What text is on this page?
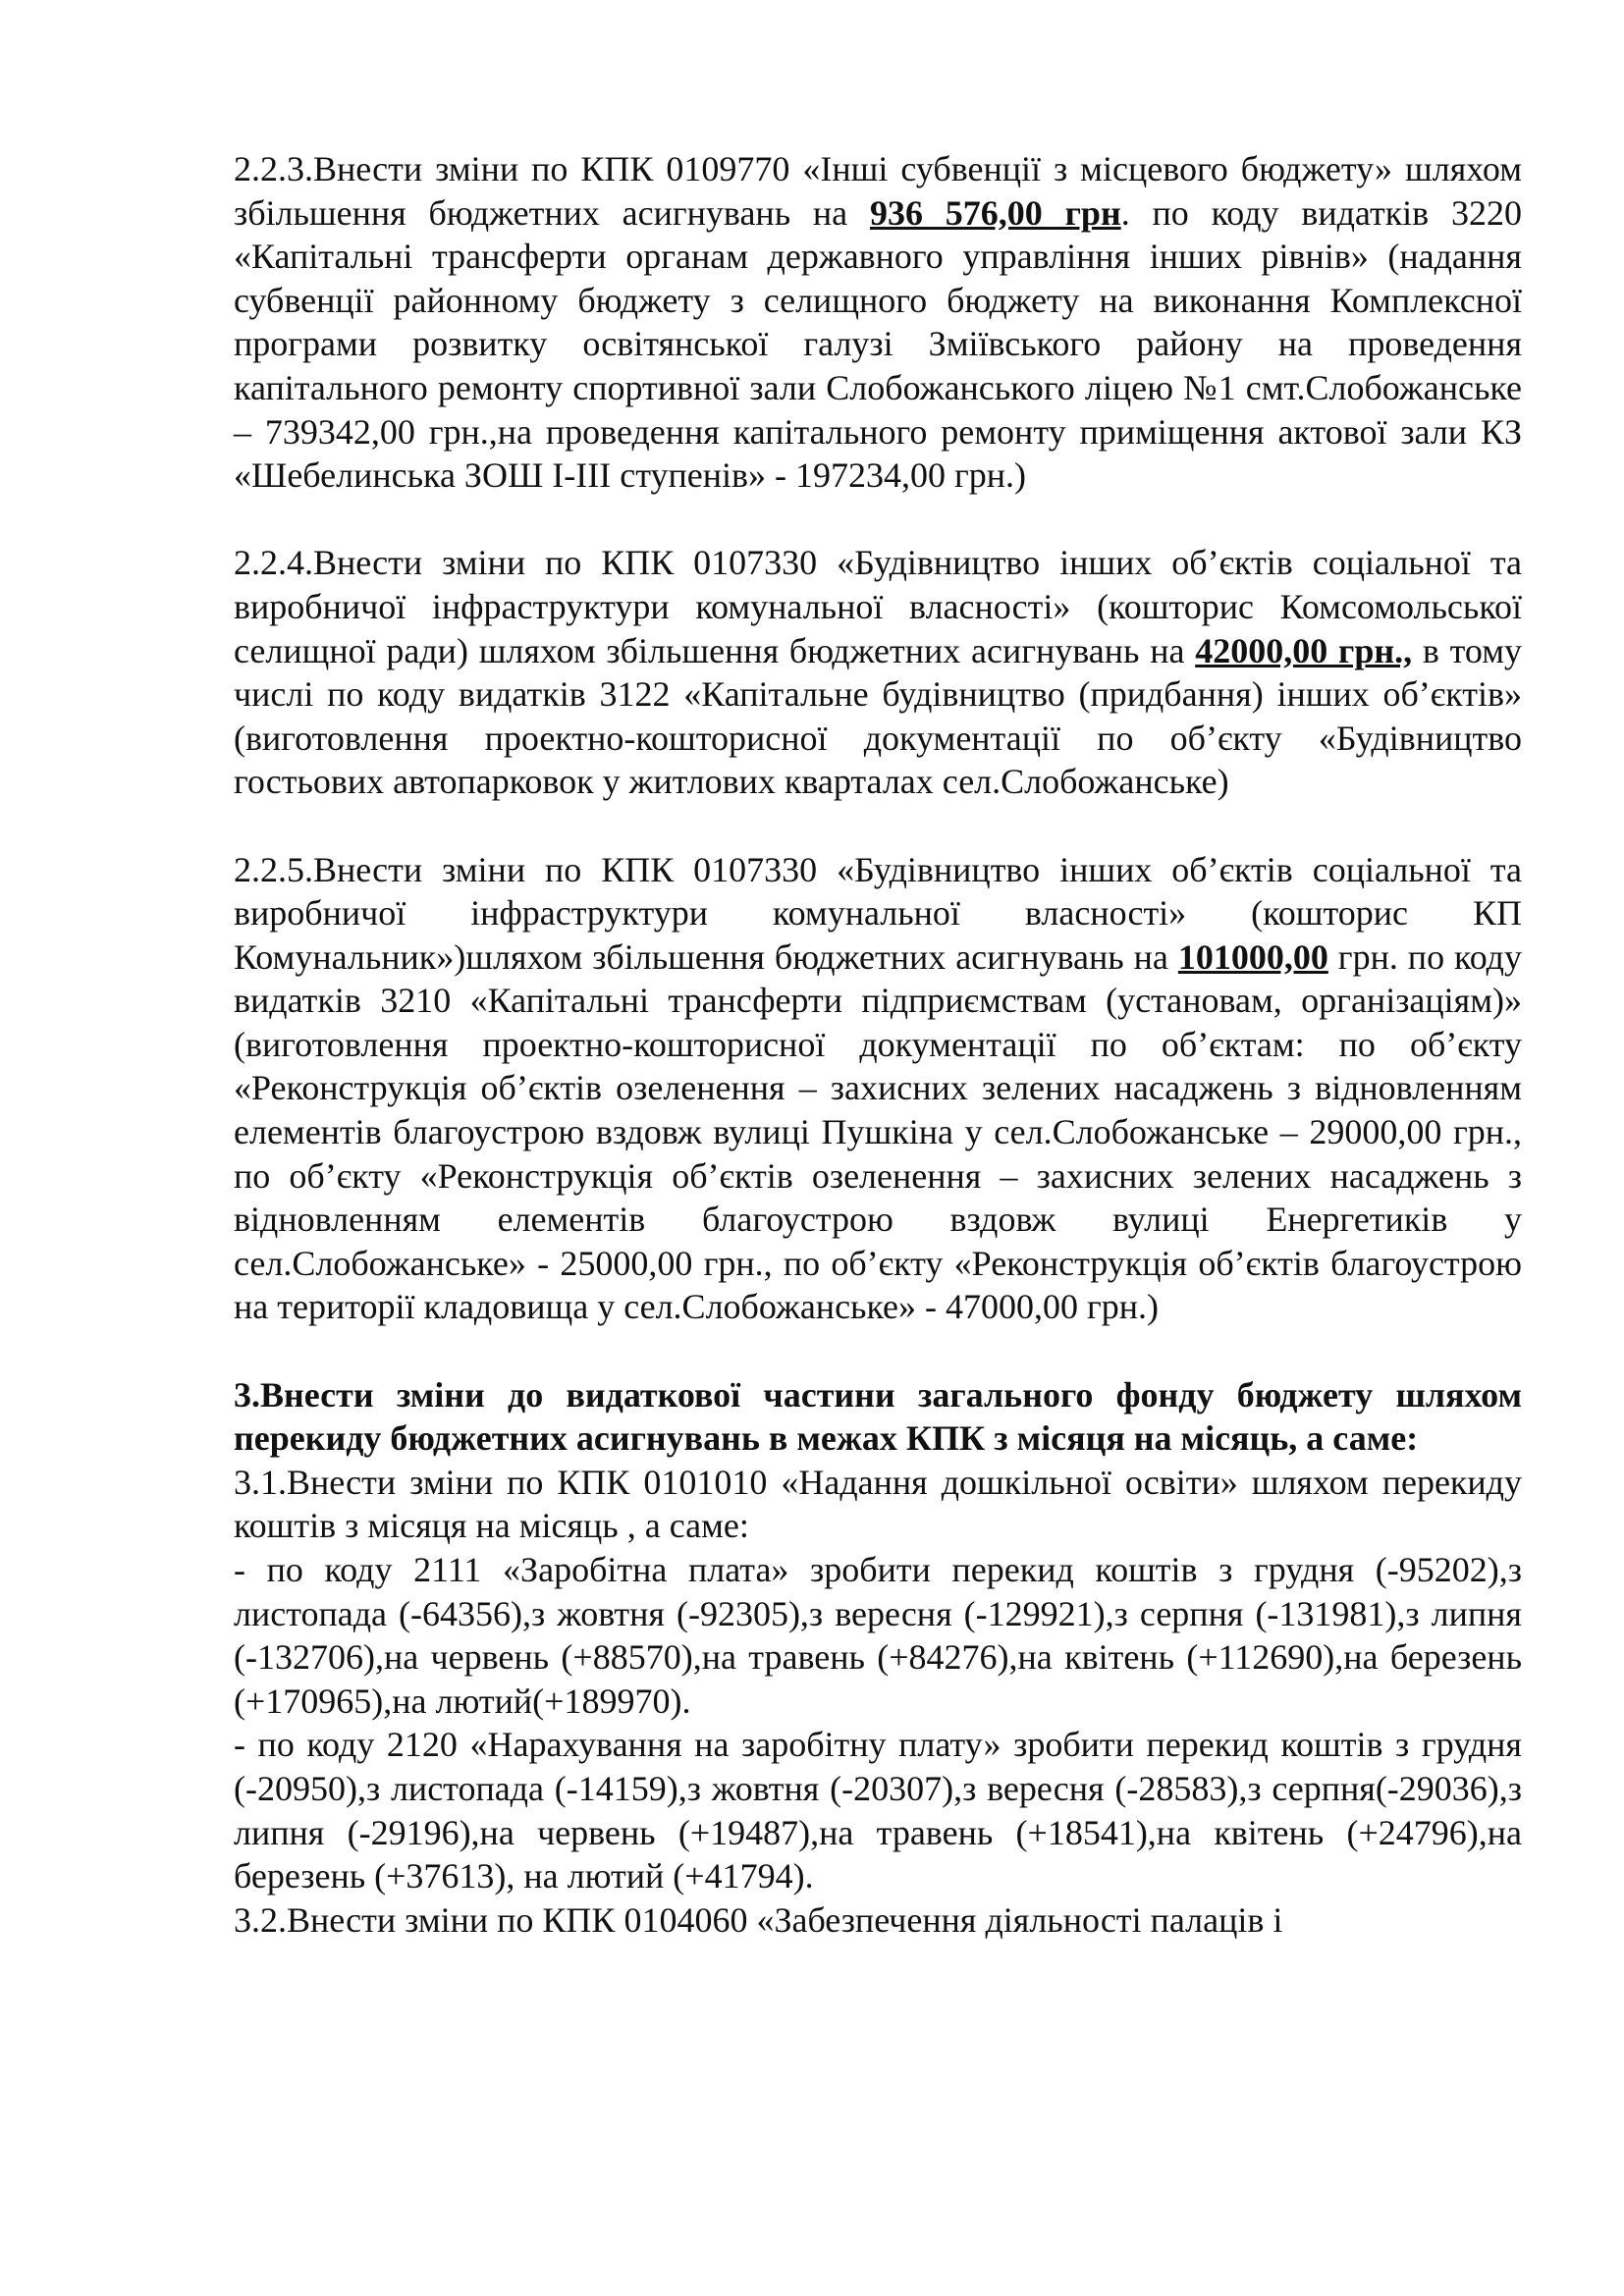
2.2.3.Внести зміни по КПК 0109770 «Інші субвенції з місцевого бюджету» шляхом збільшення бюджетних асигнувань на 936 576,00 грн. по коду видатків 3220 «Капітальні трансферти органам державного управління інших рівнів» (надання субвенції районному бюджету з селищного бюджету на виконання Комплексної програми розвитку освітянської галузі Зміївського району на проведення капітального ремонту спортивної зали Слобожанського ліцею №1 смт.Слобожанське – 739342,00 грн.,на проведення капітального ремонту приміщення актової зали КЗ «Шебелинська ЗОШ І-ІІІ ступенів» - 197234,00 грн.)

2.2.4.Внести зміни по КПК 0107330 «Будівництво інших об’єктів соціальної та виробничої інфраструктури комунальної власності» (кошторис Комсомольської селищної ради) шляхом збільшення бюджетних асигнувань на 42000,00 грн., в тому числі по коду видатків 3122 «Капітальне будівництво (придбання) інших об’єктів» (виготовлення проектно-кошторисної документації по об’єкту «Будівництво гостьових автопарковок у житлових кварталах сел.Слобожанське)

2.2.5.Внести зміни по КПК 0107330 «Будівництво інших об’єктів соціальної та виробничої інфраструктури комунальної власності» (кошторис КП Комунальник»)шляхом збільшення бюджетних асигнувань на 101000,00 грн. по коду видатків 3210 «Капітальні трансферти підприємствам (установам, організаціям)» (виготовлення проектно-кошторисної документації по об’єктам: по об’єкту «Реконструкція об’єктів озеленення – захисних зелених насаджень з відновленням елементів благоустрою вздовж вулиці Пушкіна у сел.Слобожанське – 29000,00 грн., по об’єкту «Реконструкція об’єктів озеленення – захисних зелених насаджень з відновленням елементів благоустрою вздовж вулиці Енергетиків у сел.Слобожанське» - 25000,00 грн., по об’єкту «Реконструкція об’єктів благоустрою на території кладовища у сел.Слобожанське» - 47000,00 грн.)

3.Внести зміни до видаткової частини загального фонду бюджету шляхом перекиду бюджетних асигнувань в межах КПК з місяця на місяць, а саме:

3.1.Внести зміни по КПК 0101010 «Надання дошкільної освіти» шляхом перекиду коштів з місяця на місяць , а саме:

- по коду 2111 «Заробітна плата» зробити перекид коштів з грудня (-95202),з листопада (-64356),з жовтня (-92305),з вересня (-129921),з серпня (-131981),з липня (-132706),на червень (+88570),на травень (+84276),на квітень (+112690),на березень (+170965),на лютий(+189970).

- по коду 2120 «Нарахування на заробітну плату» зробити перекид коштів з грудня (-20950),з листопада (-14159),з жовтня (-20307),з вересня (-28583),з серпня(-29036),з липня (-29196),на червень (+19487),на травень (+18541),на квітень (+24796),на березень (+37613), на лютий (+41794).

3.2.Внести зміни по КПК 0104060 «Забезпечення діяльності палаців і
